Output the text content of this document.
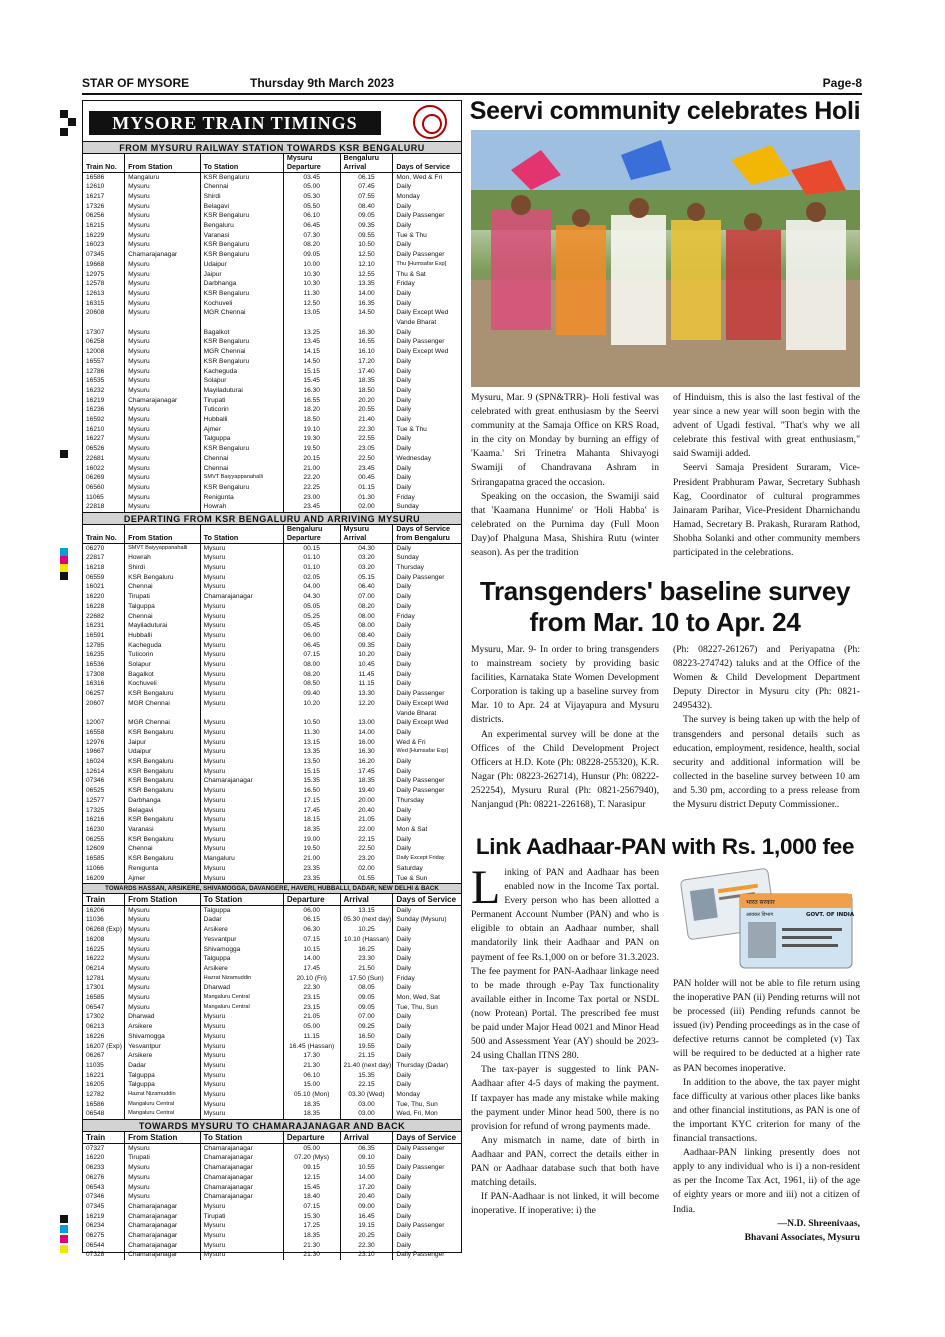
STAR OF MYSORE	Thursday 9th March 2023	Page-8
MYSORE TRAIN TIMINGS
FROM MYSURU RAILWAY STATION TOWARDS KSR BENGALURU
Train No.	From Station	To Station	Mysuru Departure	Bengaluru Arrival	Days of Service
16586	Mangaluru	KSR Bengaluru	03.45	06.15	Mon, Wed & Fri
12610	Mysuru	Chennai	05.00	07.45	Daily
16217	Mysuru	Shirdi	05.30	07.55	Monday
17326	Mysuru	Belagavi	05.50	08.40	Daily
06256	Mysuru	KSR Bengaluru	06.10	09.05	Daily Passenger
16215	Mysuru	Bengaluru	06.45	09.35	Daily
16229	Mysuru	Varanasi	07.30	09.55	Tue & Thu
16023	Mysuru	KSR Bengaluru	08.20	10.50	Daily
07345	Chamarajanagar	KSR Bengaluru	09.05	12.50	Daily Passenger
19668	Mysuru	Udaipur	10.00	12.10	Thu [Humsafar Exp]
12975	Mysuru	Jaipur	10.30	12.55	Thu & Sat
12578	Mysuru	Darbhanga	10.30	13.35	Friday
12613	Mysuru	KSR Bengaluru	11.30	14.00	Daily
16315	Mysuru	Kochuveli	12.50	16.35	Daily
20608	Mysuru	MGR Chennai	13.05	14.50	Daily Except Wed
					Vande Bharat
17307	Mysuru	Bagalkot	13.25	16.30	Daily
06258	Mysuru	KSR Bengaluru	13.45	16.55	Daily Passenger
12008	Mysuru	MGR Chennai	14.15	16.10	Daily Except Wed
16557	Mysuru	KSR Bengaluru	14.50	17.20	Daily
12786	Mysuru	Kacheguda	15.15	17.40	Daily
16535	Mysuru	Solapur	15.45	18.35	Daily
16232	Mysuru	Mayiladuturai	16.30	18.50	Daily
16219	Chamarajanagar	Tirupati	16.55	20.20	Daily
16236	Mysuru	Tuticorin	18.20	20.55	Daily
16592	Mysuru	Hubballi	18.50	21.40	Daily
16210	Mysuru	Ajmer	19.10	22.30	Tue & Thu
16227	Mysuru	Talguppa	19.30	22.55	Daily
06526	Mysuru	KSR Bengaluru	19.50	23.05	Daily
22681	Mysuru	Chennai	20.15	22.50	Wednesday
16022	Mysuru	Chennai	21.00	23.45	Daily
06269	Mysuru	SMVT Baiyyappanahalli	22.20	00.45	Daily
06560	Mysuru	KSR Bengaluru	22.25	01.15	Daily
11065	Mysuru	Renigunta	23.00	01.30	Friday
22818	Mysuru	Howrah	23.45	02.00	Sunday
DEPARTING FROM KSR BENGALURU AND ARRIVING MYSURU
Train No.	From Station	To Station	Bengaluru Departure	Mysuru Arrival	Days of Service from Bengaluru
06270	SMVT Baiyyappanahalli	Mysuru	00.15	04.30	Daily
22817	Howrah	Mysuru	01.10	03.20	Sunday
16218	Shirdi	Mysuru	01.10	03.20	Thursday
06559	KSR Bengaluru	Mysuru	02.05	05.15	Daily Passenger
16021	Chennai	Mysuru	04.00	06.40	Daily
16220	Tirupati	Chamarajanagar	04.30	07.00	Daily
16228	Talguppa	Mysuru	05.05	08.20	Daily
22682	Chennai	Mysuru	05.25	08.00	Friday
16231	Mayiladuturai	Mysuru	05.45	08.00	Daily
16591	Hubballi	Mysuru	06.00	08.40	Daily
12785	Kacheguda	Mysuru	06.45	09.35	Daily
16235	Tuticorin	Mysuru	07.15	10.20	Daily
16536	Solapur	Mysuru	08.00	10.45	Daily
17308	Bagalkot	Mysuru	08.20	11.45	Daily
16316	Kochuveli	Mysuru	08.50	11.15	Daily
06257	KSR Bengaluru	Mysuru	09.40	13.30	Daily Passenger
20607	MGR Chennai	Mysuru	10.20	12.20	Daily Except Wed
					Vande Bharat
12007	MGR Chennai	Mysuru	10.50	13.00	Daily Except Wed
16558	KSR Bengaluru	Mysuru	11.30	14.00	Daily
12976	Jaipur	Mysuru	13.15	16.00	Wed & Fri
19667	Udaipur	Mysuru	13.35	16.30	Wed [Humsafar Exp]
16024	KSR Bengaluru	Mysuru	13.50	16.20	Daily
12614	KSR Bengaluru	Mysuru	15.15	17.45	Daily
07346	KSR Bengaluru	Chamarajanagar	15.35	18.35	Daily Passenger
06525	KSR Bengaluru	Mysuru	16.50	19.40	Daily Passenger
12577	Darbhanga	Mysuru	17.15	20.00	Thursday
17325	Belagavi	Mysuru	17.45	20.40	Daily
16216	KSR Bengaluru	Mysuru	18.15	21.05	Daily
16230	Varanasi	Mysuru	18.35	22.00	Mon & Sat
06255	KSR Bengaluru	Mysuru	19.00	22.15	Daily
12609	Chennai	Mysuru	19.50	22.50	Daily
16585	KSR Bengaluru	Mangaluru	21.00	23.20	Daily Except Friday
11066	Renigunta	Mysuru	23.35	02.00	Saturday
16209	Ajmer	Mysuru	23.35	01.55	Tue & Sun
TOWARDS HASSAN, ARSIKERE, SHIVAMOGGA, DAVANGERE, HAVERI, HUBBALLI, DADAR, NEW DELHI & BACK
Train	From Station	To Station	Departure	Arrival	Days of Service
16206	Mysuru	Talguppa	06.00	13.15	Daily
11036	Mysuru	Dadar	06.15	05.30 (next day)	Sunday (Mysuru)
06268 (Exp)	Mysuru	Arsikere	06.30	10.25	Daily
16208	Mysuru	Yesvantpur	07.15	10.10 (Hassan)	Daily
16225	Mysuru	Shivamogga	10.15	16.25	Daily
16222	Mysuru	Talguppa	14.00	23.30	Daily
06214	Mysuru	Arsikere	17.45	21.50	Daily
12781	Mysuru	Hazrat Nizamuddin	20.10 (Fri)	17.50 (Sun)	Friday
17301	Mysuru	Dharwad	22.30	08.05	Daily
16585	Mysuru	Mangaluru Central	23.15	09.05	Mon, Wed, Sat
06547	Mysuru	Mangaluru Central	23.15	09.05	Tue, Thu, Sun
17302	Dharwad	Mysuru	21.05	07.00	Daily
06213	Arsikere	Mysuru	05.00	09.25	Daily
16226	Shivamogga	Mysuru	11.15	16.50	Daily
16207 (Exp)	Yesvantpur	Mysuru	16.45 (Hassan)	19.55	Daily
06267	Arsikere	Mysuru	17.30	21.15	Daily
11035	Dadar	Mysuru	21.30	21.40 (next day)	Thursday (Dadar)
16221	Talguppa	Mysuru	06.10	15.35	Daily
16205	Talguppa	Mysuru	15.00	22.15	Daily
12782	Hazrat Nizamuddin	Mysuru	05.10 (Mon)	03.30 (Wed)	Monday
16586	Mangaluru Central	Mysuru	18.35	03.00	Tue, Thu, Sun
06548	Mangaluru Central	Mysuru	18.35	03.00	Wed, Fri, Mon
TOWARDS MYSURU TO CHAMARAJANAGAR AND BACK
Train	From Station	To Station	Departure	Arrival	Days of Service
07327	Mysuru	Chamarajanagar	05.00	06.35	Daily Passenger
16220	Tirupati	Chamarajanagar	07.20 (Mys)	09.10	Daily
06233	Mysuru	Chamarajanagar	09.15	10.55	Daily Passenger
06276	Mysuru	Chamarajanagar	12.15	14.00	Daily
06543	Mysuru	Chamarajanagar	15.45	17.20	Daily
07346	Mysuru	Chamarajanagar	18.40	20.40	Daily
07345	Chamarajanagar	Mysuru	07.15	09.00	Daily
16219	Chamarajanagar	Tirupati	15.30	16.45	Daily
06234	Chamarajanagar	Mysuru	17.25	19.15	Daily Passenger
06275	Chamarajanagar	Mysuru	18.35	20.25	Daily
06544	Chamarajanagar	Mysuru	21.30	22.30	Daily
07328	Chamarajanagar	Mysuru	21.30	23.10	Daily Passenger
Seervi community celebrates Holi

Mysuru, Mar. 9 (SPN&TRR)- Holi festival was celebrated with great enthusiasm by the Seervi community at the Samaja Office on KRS Road, in the city on Monday by burning an effigy of 'Kaama.' Sri Trinetra Mahanta Shivayogi Swamiji of Chandravana Ashram in Srirangapatna graced the occasion.

Speaking on the occasion, the Swamiji said that 'Kaamana Hunnime' or 'Holi Habba' is celebrated on the Purnima day (Full Moon Day)of Phalguna Masa, Shishira Rutu (winter season). As per the tradition

of Hinduism, this is also the last festival of the year since a new year will soon begin with the advent of Ugadi festival. "That's why we all celebrate this festival with great enthusiasm," said Swamiji added.

Seervi Samaja President Suraram, Vice-President Prabhuram Pawar, Secretary Subhash Kag, Coordinator of cultural programmes Jainaram Parihar, Vice-President Dharnichandu Hamad, Secretary B. Prakash, Ruraram Rathod, Shobha Solanki and other community members participated in the celebrations.

Transgenders' baseline survey
from Mar. 10 to Apr. 24

Mysuru, Mar. 9- In order to bring transgenders to mainstream society by providing basic facilities, Karnataka State Women Development Corporation is taking up a baseline survey from Mar. 10 to Apr. 24 at Vijayapura and Mysuru districts.

An experimental survey will be done at the Offices of the Child Development Project Officers at H.D. Kote (Ph: 08228-255320), K.R. Nagar (Ph: 08223-262714), Hunsur (Ph: 08222-252254), Mysuru Rural (Ph: 0821-2567940), Nanjangud (Ph: 08221-226168), T. Narasipur

(Ph: 08227-261267) and Periyapatna (Ph: 08223-274742) taluks and at the Office of the Women & Child Development Department Deputy Director in Mysuru city (Ph: 0821-2495432).

The survey is being taken up with the help of transgenders and personal details such as education, employment, residence, health, social security and additional information will be collected in the baseline survey between 10 am and 5.30 pm, according to a press release from the Mysuru district Deputy Commissioner..

Link Aadhaar-PAN with Rs. 1,000 fee

Linking of PAN and Aadhaar has been enabled now in the Income Tax portal. Every person who has been allotted a Permanent Account Number (PAN) and who is eligible to obtain an Aadhaar number, shall mandatorily link their Aadhaar and PAN on payment of fee Rs.1,000 on or before 31.3.2023. The fee payment for PAN-Aadhaar linkage need to be made through e-Pay Tax functionality available either in Income Tax portal or NSDL (now Protean) Portal. The prescribed fee must be paid under Major Head 0021 and Minor Head 500 and Assessment Year (AY) should be 2023-24 using Challan ITNS 280.

The tax-payer is suggested to link PAN-Aadhaar after 4-5 days of making the payment. If taxpayer has made any mistake while making the payment under Minor head 500, there is no provision for refund of wrong payments made.

Any mismatch in name, date of birth in Aadhaar and PAN, correct the details either in PAN or Aadhaar database such that both have matching details.

If PAN-Aadhaar is not linked, it will become inoperative. If inoperative: i) the

भारत सरकार
आयकर विभाग	GOVT. OF INDIA

PAN holder will not be able to file return using the inoperative PAN (ii) Pending returns will not be processed (iii) Pending refunds cannot be issued (iv) Pending proceedings as in the case of defective returns cannot be completed (v) Tax will be required to be deducted at a higher rate as PAN becomes inoperative.

In addition to the above, the tax payer might face difficulty at various other places like banks and other financial institutions, as PAN is one of the important KYC criterion for many of the financial transactions.

Aadhaar-PAN linking presently does not apply to any individual who is i) a non-resident as per the Income Tax Act, 1961, ii) of the age of eighty years or more and iii) not a citizen of India.

—N.D. Shreenivaas,

Bhavani Associates, Mysuru
